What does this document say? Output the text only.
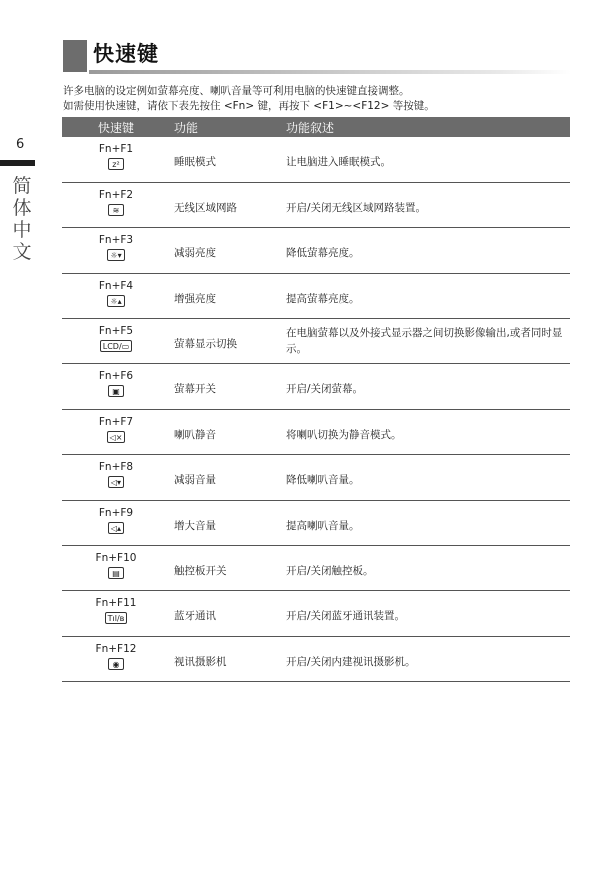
快速键
许多电脑的设定例如萤幕亮度、喇叭音量等可利用电脑的快速键直接调整。
如需使用快速键，请依下表先按住 <Fn> 键，再按下 <F1>~<F12> 等按键。
6
简
体
中
文
快速键	功能	功能叙述

Fn+F1
z²	睡眠模式	让电脑进入睡眠模式。

Fn+F2
≋	无线区域网路	开启/关闭无线区域网路装置。

Fn+F3
☼▾	减弱亮度	降低萤幕亮度。

Fn+F4
☼▴	增强亮度	提高萤幕亮度。

Fn+F5
LCD/▭	萤幕显示切换	在电脑萤幕以及外接式显示器之间切换影像输出,或者同时显示。

Fn+F6
▣	萤幕开关	开启/关闭萤幕。

Fn+F7
◁×	喇叭静音	将喇叭切换为静音模式。

Fn+F8
◁▾	减弱音量	降低喇叭音量。

Fn+F9
◁▴	增大音量	提高喇叭音量。

Fn+F10
▤	触控板开关	开启/关闭触控板。

Fn+F11
Tıl/ʙ	蓝牙通讯	开启/关闭蓝牙通讯装置。

Fn+F12
◉	视讯摄影机	开启/关闭内建视讯摄影机。
